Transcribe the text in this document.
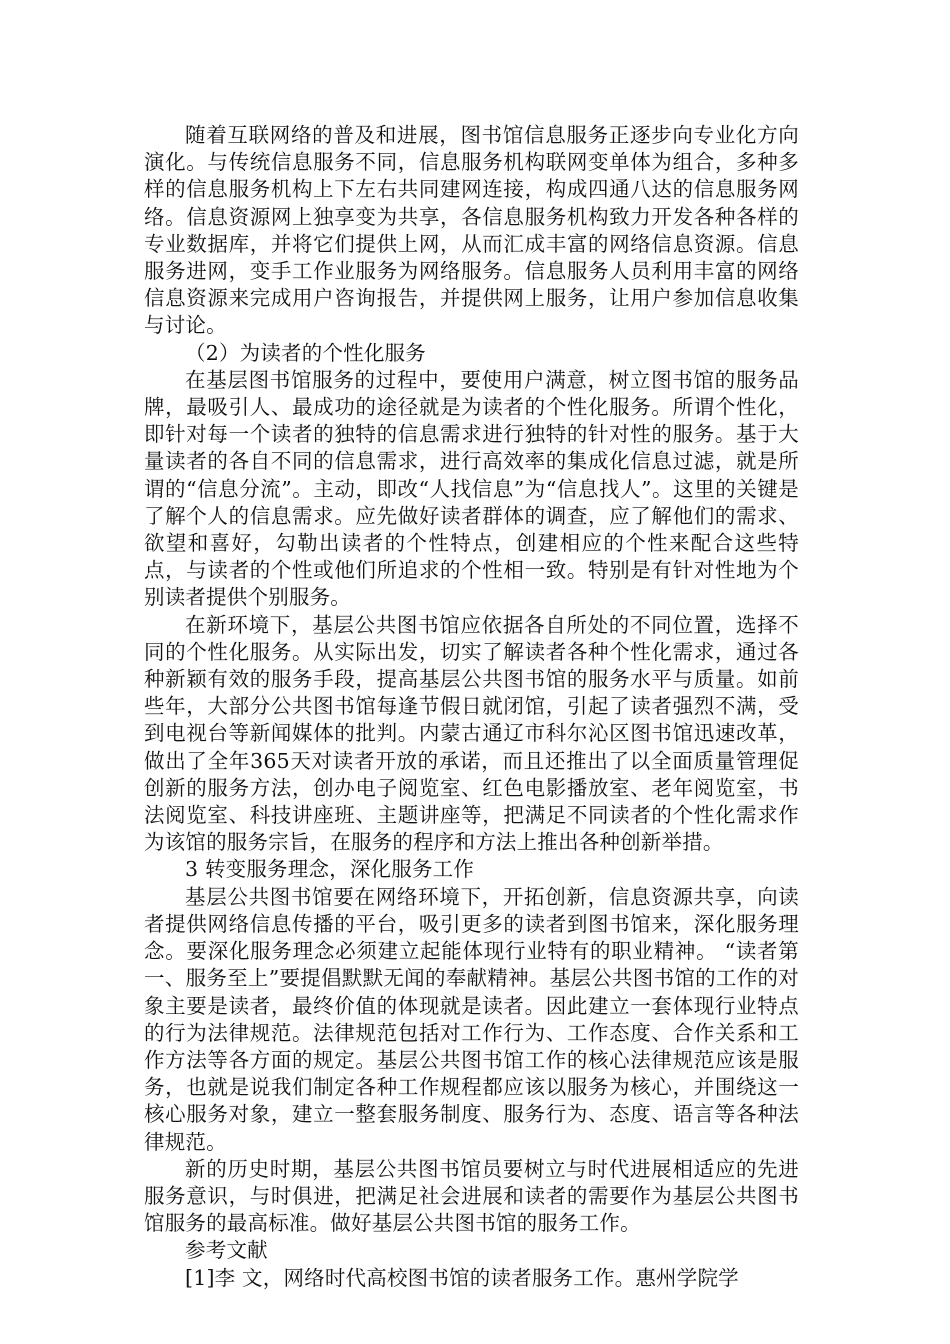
随着互联网络的普及和进展，图书馆信息服务正逐步向专业化方向演化。与传统信息服务不同，信息服务机构联网变单体为组合，多种多样的信息服务机构上下左右共同建网连接，构成四通八达的信息服务网络。信息资源网上独享变为共享，各信息服务机构致力开发各种各样的专业数据库，并将它们提供上网，从而汇成丰富的网络信息资源。信息服务进网，变手工作业服务为网络服务。信息服务人员利用丰富的网络信息资源来完成用户咨询报告，并提供网上服务，让用户参加信息收集与讨论。

（2）为读者的个性化服务

在基层图书馆服务的过程中，要使用户满意，树立图书馆的服务品牌，最吸引人、最成功的途径就是为读者的个性化服务。所谓个性化，即针对每一个读者的独特的信息需求进行独特的针对性的服务。基于大量读者的各自不同的信息需求，进行高效率的集成化信息过滤，就是所谓的“信息分流”。主动，即改“人找信息”为“信息找人”。这里的关键是了解个人的信息需求。应先做好读者群体的调查，应了解他们的需求、欲望和喜好，勾勒出读者的个性特点，创建相应的个性来配合这些特点，与读者的个性或他们所追求的个性相一致。特别是有针对性地为个别读者提供个别服务。

在新环境下，基层公共图书馆应依据各自所处的不同位置，选择不同的个性化服务。从实际出发，切实了解读者各种个性化需求，通过各种新颖有效的服务手段，提高基层公共图书馆的服务水平与质量。如前些年，大部分公共图书馆每逢节假日就闭馆，引起了读者强烈不满，受到电视台等新闻媒体的批判。内蒙古通辽市科尔沁区图书馆迅速改革，做出了全年365天对读者开放的承诺，而且还推出了以全面质量管理促创新的服务方法，创办电子阅览室、红色电影播放室、老年阅览室，书法阅览室、科技讲座班、主题讲座等，把满足不同读者的个性化需求作为该馆的服务宗旨，在服务的程序和方法上推出各种创新举措。

3 转变服务理念，深化服务工作

基层公共图书馆要在网络环境下，开拓创新，信息资源共享，向读者提供网络信息传播的平台，吸引更多的读者到图书馆来，深化服务理念。要深化服务理念必须建立起能体现行业特有的职业精神。 “读者第一、服务至上”要提倡默默无闻的奉献精神。基层公共图书馆的工作的对象主要是读者，最终价值的体现就是读者。因此建立一套体现行业特点的行为法律规范。法律规范包括对工作行为、工作态度、合作关系和工作方法等各方面的规定。基层公共图书馆工作的核心法律规范应该是服务，也就是说我们制定各种工作规程都应该以服务为核心，并围绕这一核心服务对象，建立一整套服务制度、服务行为、态度、语言等各种法律规范。

新的历史时期，基层公共图书馆员要树立与时代进展相适应的先进服务意识，与时俱进，把满足社会进展和读者的需要作为基层公共图书馆服务的最高标准。做好基层公共图书馆的服务工作。

参考文献

[1]李 文，网络时代高校图书馆的读者服务工作。惠州学院学
